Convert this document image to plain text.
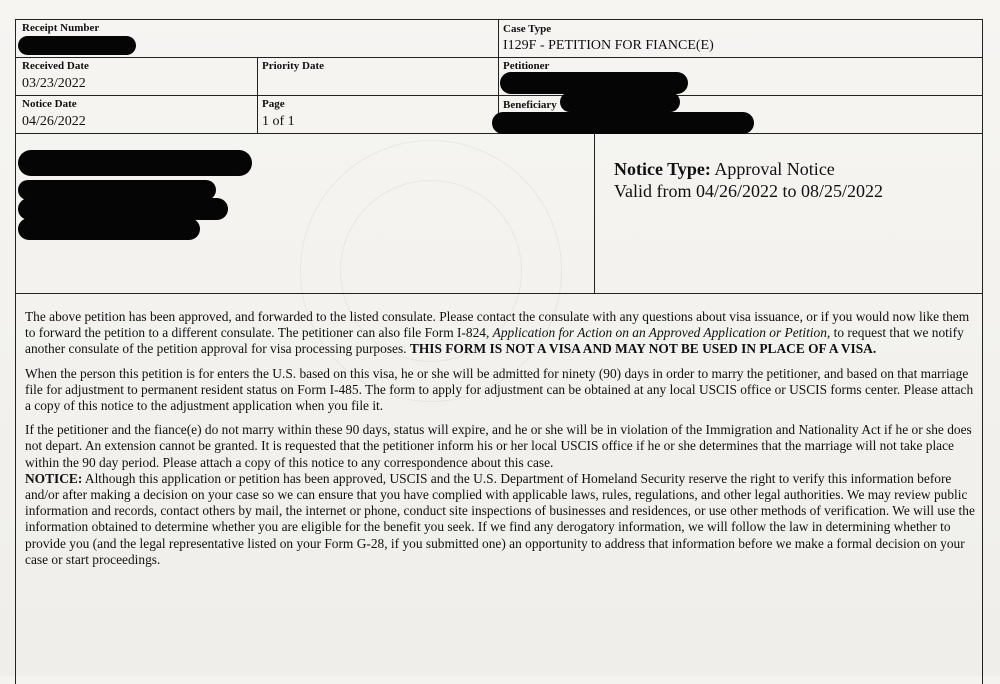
Receipt Number	Case Type
I129F - PETITION FOR FIANCE(E)
Received Date
03/23/2022
Priority Date	Petitioner
Notice Date
04/26/2022
Page
1 of 1
Beneficiary
Notice Type: Approval Notice
Valid from 04/26/2022 to 08/25/2022

The above petition has been approved, and forwarded to the listed consulate. Please contact the consulate with any questions about visa issuance, or if you would now like them to forward the petition to a different consulate. The petitioner can also file Form I-824, Application for Action on an Approved Application or Petition, to request that we notify another consulate of the petition approval for visa processing purposes. THIS FORM IS NOT A VISA AND MAY NOT BE USED IN PLACE OF A VISA.

When the person this petition is for enters the U.S. based on this visa, he or she will be admitted for ninety (90) days in order to marry the petitioner, and based on that marriage file for adjustment to permanent resident status on Form I-485. The form to apply for adjustment can be obtained at any local USCIS office or USCIS forms center. Please attach a copy of this notice to the adjustment application when you file it.

If the petitioner and the fiance(e) do not marry within these 90 days, status will expire, and he or she will be in violation of the Immigration and Nationality Act if he or she does not depart. An extension cannot be granted. It is requested that the petitioner inform his or her local USCIS office if he or she determines that the marriage will not take place within the 90 day period. Please attach a copy of this notice to any correspondence about this case.

NOTICE: Although this application or petition has been approved, USCIS and the U.S. Department of Homeland Security reserve the right to verify this information before and/or after making a decision on your case so we can ensure that you have complied with applicable laws, rules, regulations, and other legal authorities. We may review public information and records, contact others by mail, the internet or phone, conduct site inspections of businesses and residences, or use other methods of verification. We will use the information obtained to determine whether you are eligible for the benefit you seek. If we find any derogatory information, we will follow the law in determining whether to provide you (and the legal representative listed on your Form G-28, if you submitted one) an opportunity to address that information before we make a formal decision on your case or start proceedings.
